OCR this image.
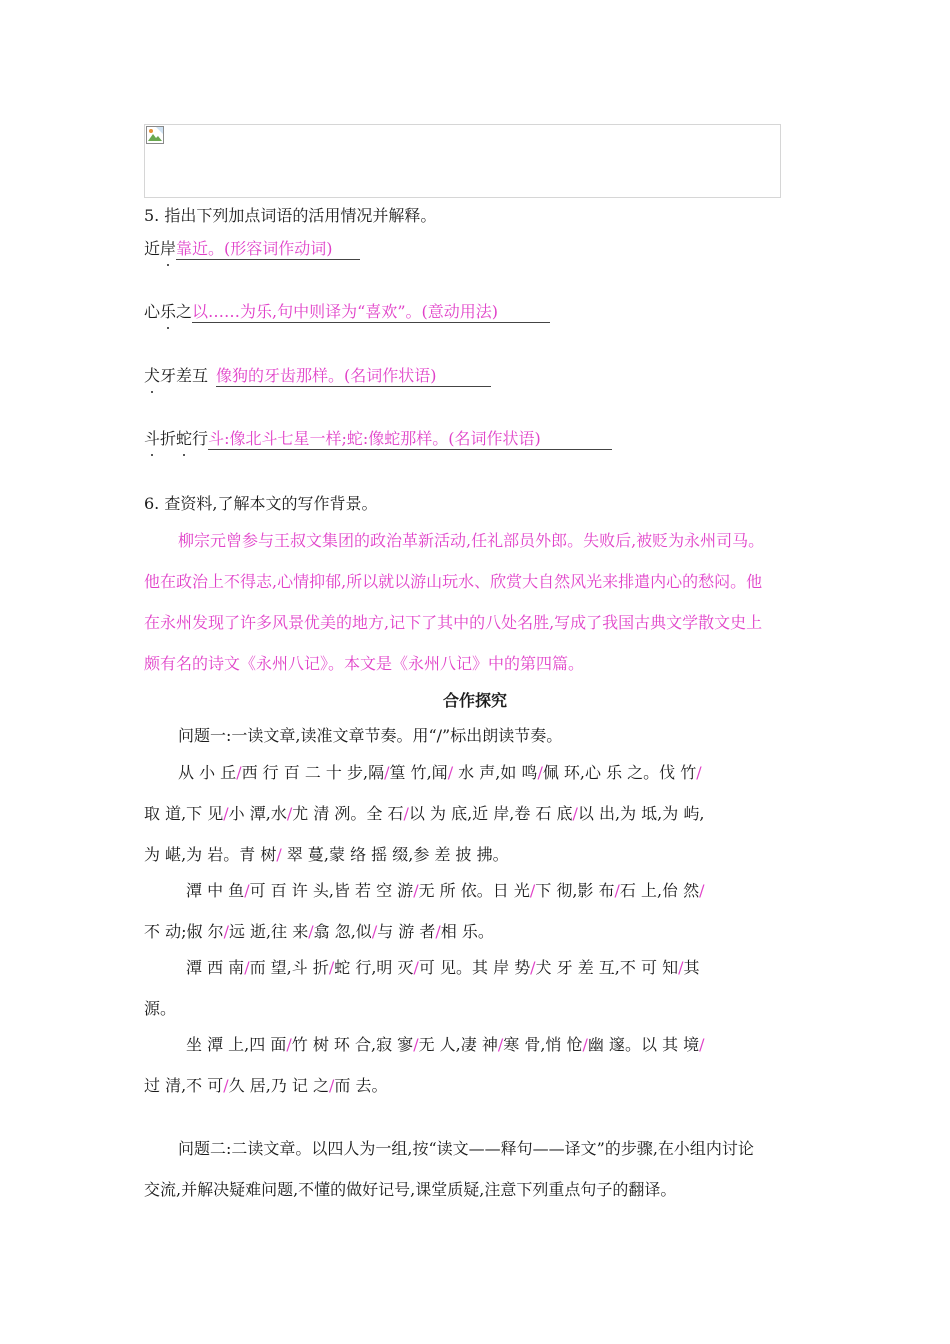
5. 指出下列加点词语的活用情况并解释。
近岸靠近。(形容词作动词)
心乐之以……为乐,句中则译为“喜欢”。(意动用法)
犬牙差互 像狗的牙齿那样。(名词作状语)
斗折蛇行斗:像北斗七星一样;蛇:像蛇那样。(名词作状语)
6. 查资料,了解本文的写作背景。
柳宗元曾参与王叔文集团的政治革新活动,任礼部员外郎。失败后,被贬为永州司马。
他在政治上不得志,心情抑郁,所以就以游山玩水、欣赏大自然风光来排遣内心的愁闷。他
在永州发现了许多风景优美的地方,记下了其中的八处名胜,写成了我国古典文学散文史上
颇有名的诗文《永州八记》。本文是《永州八记》中的第四篇。
合作探究
问题一:一读文章,读准文章节奏。用“/”标出朗读节奏。
从 小 丘/西 行 百 二 十 步,隔/篁 竹,闻/ 水 声,如 鸣/佩 环,心 乐 之。伐 竹/
取 道,下 见/小 潭,水/尤 清 冽。全 石/以 为 底,近 岸,卷 石 底/以 出,为 坻,为 屿,
为 嵁,为 岩。青 树/ 翠 蔓,蒙 络 摇 缀,参 差 披 拂。
潭 中 鱼/可 百 许 头,皆 若 空 游/无 所 依。日 光/下 彻,影 布/石 上,佁 然/
不 动;俶 尔/远 逝,往 来/翕 忽,似/与 游 者/相 乐。
潭 西 南/而 望,斗 折/蛇 行,明 灭/可 见。其 岸 势/犬 牙 差 互,不 可 知/其
源。
坐 潭 上,四 面/竹 树 环 合,寂 寥/无 人,凄 神/寒 骨,悄 怆/幽 邃。以 其 境/
过 清,不 可/久 居,乃 记 之/而 去。
问题二:二读文章。以四人为一组,按“读文——释句——译文”的步骤,在小组内讨论
交流,并解决疑难问题,不懂的做好记号,课堂质疑,注意下列重点句子的翻译。
